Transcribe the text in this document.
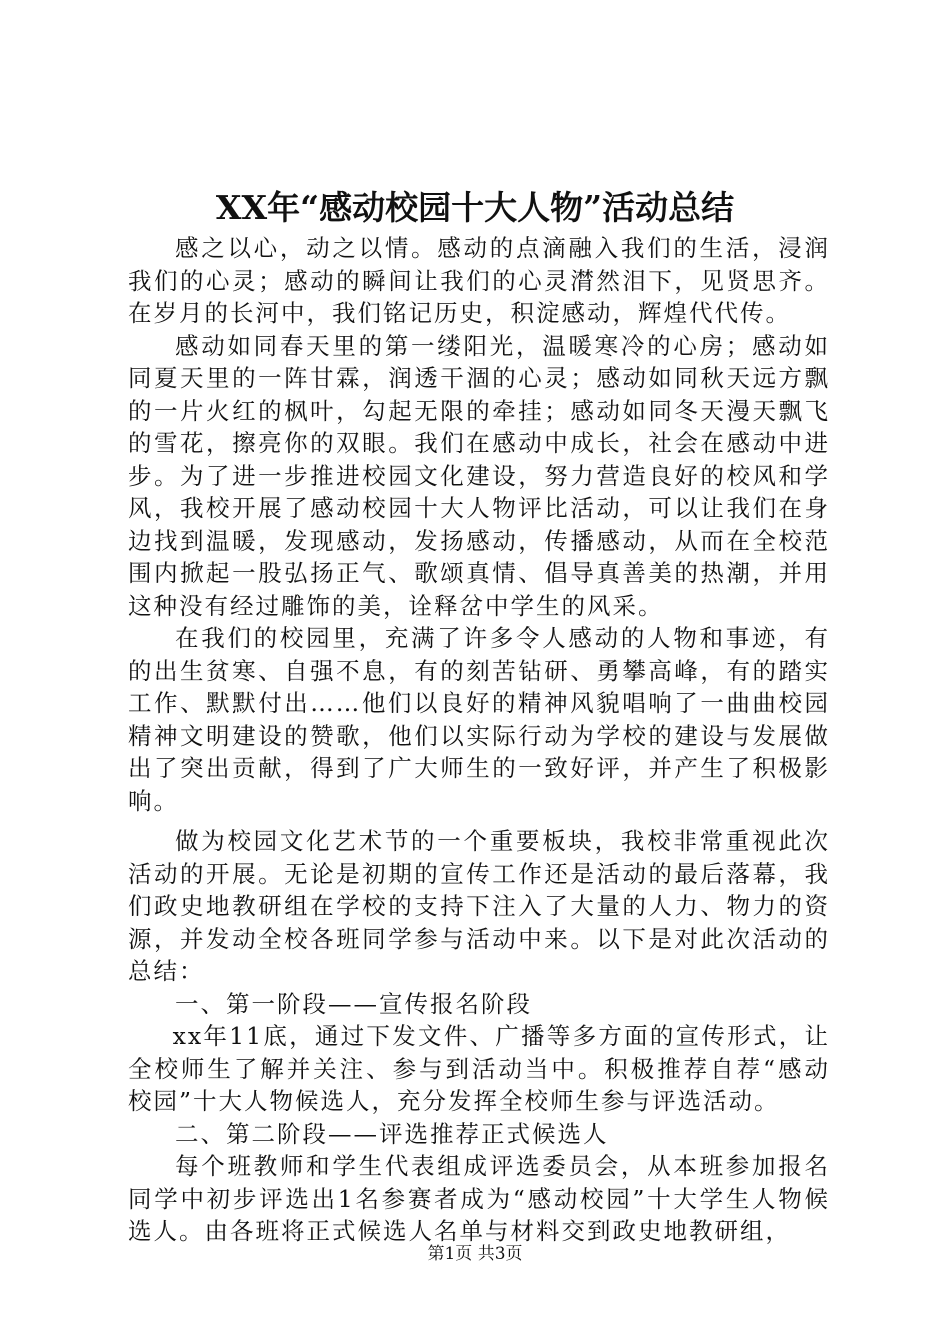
XX年“感动校园十大人物”活动总结

感之以心，动之以情。感动的点滴融入我们的生活，浸润我们的心灵；感动的瞬间让我们的心灵潸然泪下，见贤思齐。在岁月的长河中，我们铭记历史，积淀感动，辉煌代代传。

感动如同春天里的第一缕阳光，温暖寒冷的心房；感动如同夏天里的一阵甘霖，润透干涸的心灵；感动如同秋天远方飘的一片火红的枫叶，勾起无限的牵挂；感动如同冬天漫天飘飞的雪花，擦亮你的双眼。我们在感动中成长，社会在感动中进步。为了进一步推进校园文化建设，努力营造良好的校风和学风，我校开展了感动校园十大人物评比活动，可以让我们在身边找到温暖，发现感动，发扬感动，传播感动，从而在全校范围内掀起一股弘扬正气、歌颂真情、倡导真善美的热潮，并用这种没有经过雕饰的美，诠释岔中学生的风采。

在我们的校园里，充满了许多令人感动的人物和事迹，有的出生贫寒、自强不息，有的刻苦钻研、勇攀高峰，有的踏实工作、默默付出……他们以良好的精神风貌唱响了一曲曲校园精神文明建设的赞歌，他们以实际行动为学校的建设与发展做出了突出贡献，得到了广大师生的一致好评，并产生了积极影响。

做为校园文化艺术节的一个重要板块，我校非常重视此次活动的开展。无论是初期的宣传工作还是活动的最后落幕，我们政史地教研组在学校的支持下注入了大量的人力、物力的资源，并发动全校各班同学参与活动中来。以下是对此次活动的总结：

一、第一阶段——宣传报名阶段

xx年11底，通过下发文件、广播等多方面的宣传形式，让全校师生了解并关注、参与到活动当中。积极推荐自荐“感动校园”十大人物候选人，充分发挥全校师生参与评选活动。

二、第二阶段——评选推荐正式候选人

每个班教师和学生代表组成评选委员会，从本班参加报名同学中初步评选出1名参赛者成为“感动校园”十大学生人物候选人。由各班将正式候选人名单与材料交到政史地教研组，

第1页 共3页
